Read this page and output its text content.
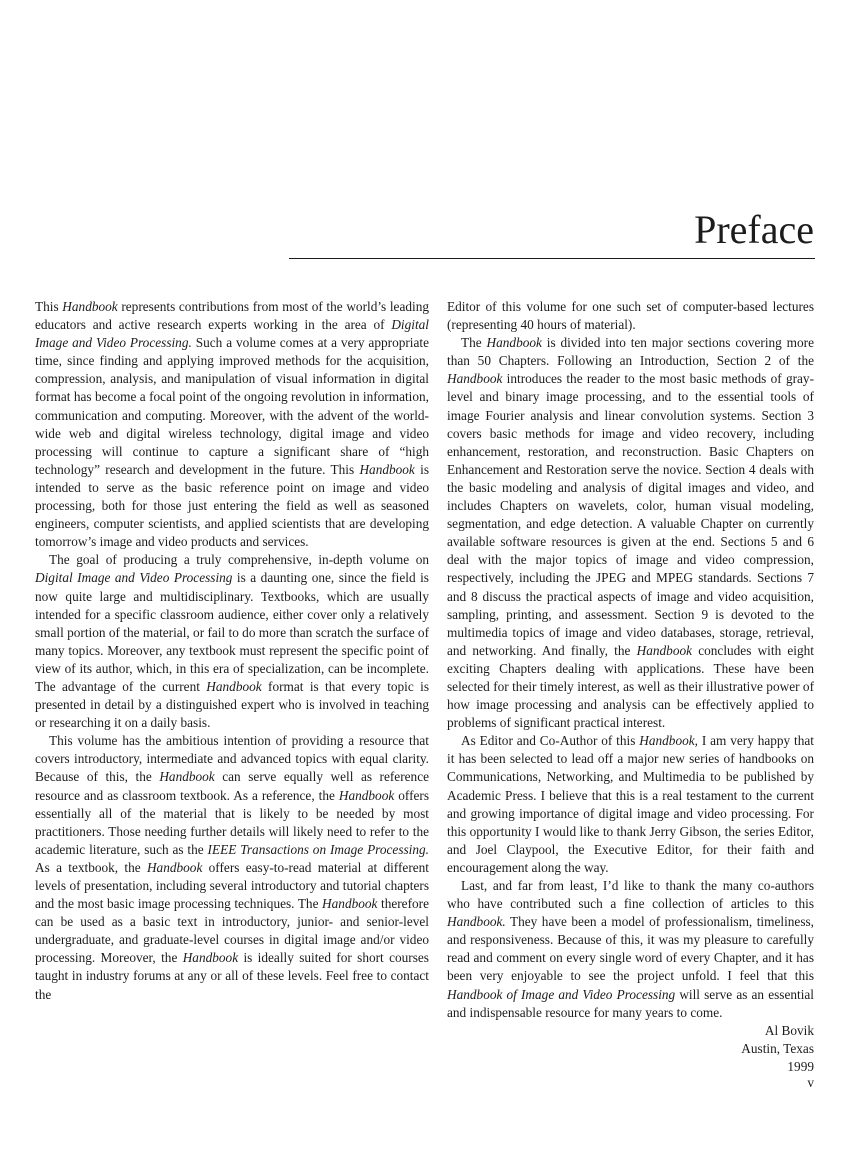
Preface

This Handbook represents contributions from most of the world’s leading educators and active research experts working in the area of Digital Image and Video Processing. Such a volume comes at a very appropriate time, since finding and applying improved methods for the acquisition, compression, analysis, and manipulation of visual information in digital format has become a focal point of the ongoing revolution in information, communication and computing. Moreover, with the advent of the world-wide web and digital wireless technology, digital image and video processing will continue to capture a significant share of “high technology” research and development in the future. This Handbook is intended to serve as the basic reference point on image and video processing, both for those just entering the field as well as seasoned engineers, computer scientists, and applied scientists that are developing tomorrow’s image and video products and services.

The goal of producing a truly comprehensive, in-depth volume on Digital Image and Video Processing is a daunting one, since the field is now quite large and multidisciplinary. Textbooks, which are usually intended for a specific classroom audience, either cover only a relatively small portion of the material, or fail to do more than scratch the surface of many topics. Moreover, any textbook must represent the specific point of view of its author, which, in this era of specialization, can be incomplete. The advantage of the current Handbook format is that every topic is presented in detail by a distinguished expert who is involved in teaching or researching it on a daily basis.

This volume has the ambitious intention of providing a resource that covers introductory, intermediate and advanced topics with equal clarity. Because of this, the Handbook can serve equally well as reference resource and as classroom textbook. As a reference, the Handbook offers essentially all of the material that is likely to be needed by most practitioners. Those needing further details will likely need to refer to the academic literature, such as the IEEE Transactions on Image Processing. As a textbook, the Handbook offers easy-to-read material at different levels of presentation, including several introductory and tutorial chapters and the most basic image processing techniques. The Handbook therefore can be used as a basic text in introductory, junior- and senior-level undergraduate, and graduate-level courses in digital image and/or video processing. Moreover, the Handbook is ideally suited for short courses taught in industry forums at any or all of these levels. Feel free to contact the

Editor of this volume for one such set of computer-based lectures (representing 40 hours of material).

The Handbook is divided into ten major sections covering more than 50 Chapters. Following an Introduction, Section 2 of the Handbook introduces the reader to the most basic methods of gray-level and binary image processing, and to the essential tools of image Fourier analysis and linear convolution systems. Section 3 covers basic methods for image and video recovery, including enhancement, restoration, and reconstruction. Basic Chapters on Enhancement and Restoration serve the novice. Section 4 deals with the basic modeling and analysis of digital images and video, and includes Chapters on wavelets, color, human visual modeling, segmentation, and edge detection. A valuable Chapter on currently available software resources is given at the end. Sections 5 and 6 deal with the major topics of image and video compression, respectively, including the JPEG and MPEG standards. Sections 7 and 8 discuss the practical aspects of image and video acquisition, sampling, printing, and assessment. Section 9 is devoted to the multimedia topics of image and video databases, storage, retrieval, and networking. And finally, the Handbook concludes with eight exciting Chapters dealing with applications. These have been selected for their timely interest, as well as their illustrative power of how image processing and analysis can be effectively applied to problems of significant practical interest.

As Editor and Co-Author of this Handbook, I am very happy that it has been selected to lead off a major new series of handbooks on Communications, Networking, and Multimedia to be published by Academic Press. I believe that this is a real testament to the current and growing importance of digital image and video processing. For this opportunity I would like to thank Jerry Gibson, the series Editor, and Joel Claypool, the Executive Editor, for their faith and encouragement along the way.

Last, and far from least, I’d like to thank the many co-authors who have contributed such a fine collection of articles to this Handbook. They have been a model of professionalism, timeliness, and responsiveness. Because of this, it was my pleasure to carefully read and comment on every single word of every Chapter, and it has been very enjoyable to see the project unfold. I feel that this Handbook of Image and Video Processing will serve as an essential and indispensable resource for many years to come.

Al Bovik

Austin, Texas

1999

v
